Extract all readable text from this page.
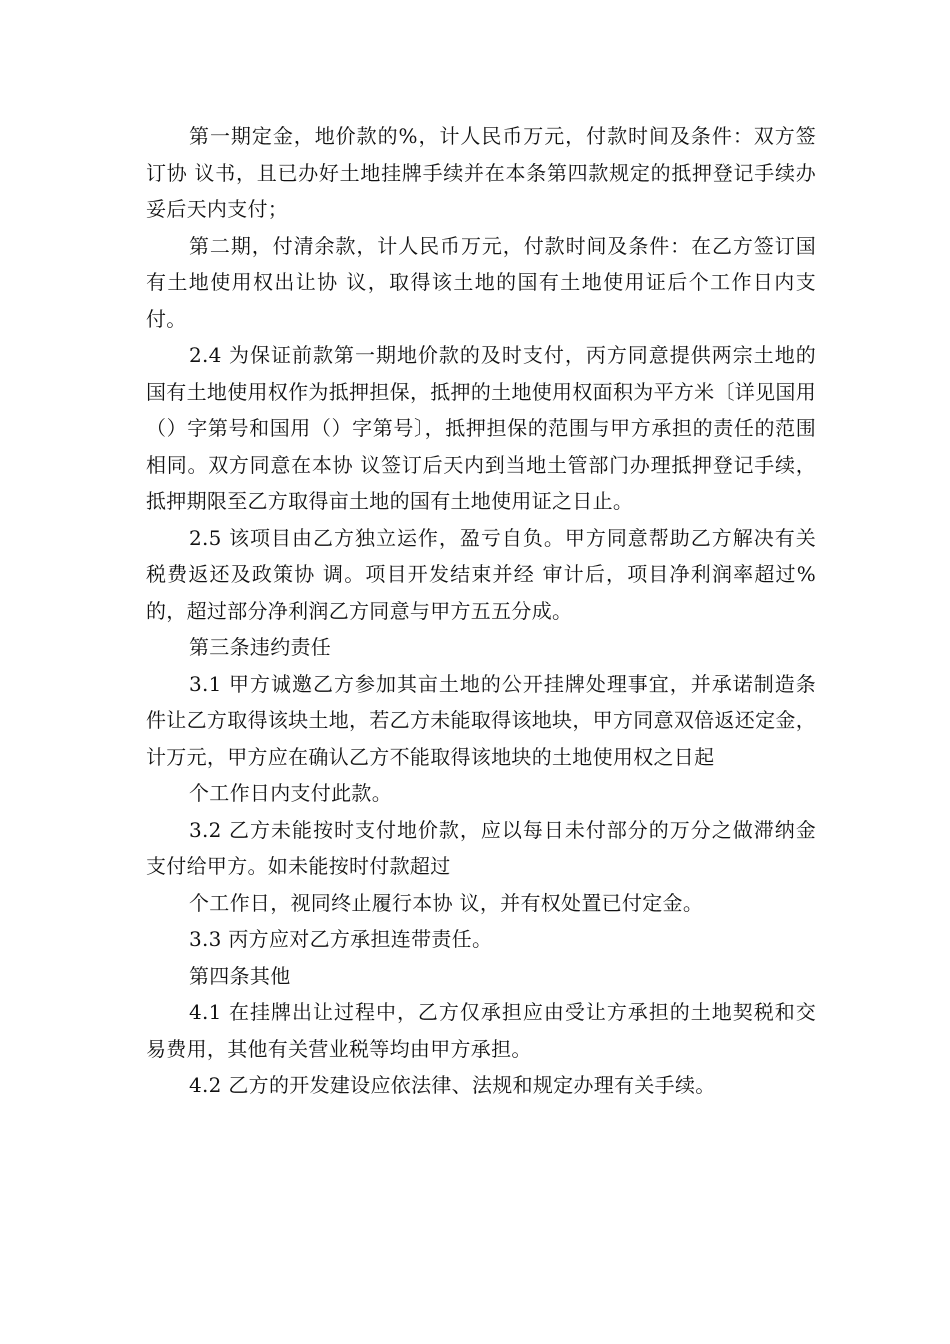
第一期定金，地价款的%，计人民币万元，付款时间及条件：双方签订协 议书，且已办好土地挂牌手续并在本条第四款规定的抵押登记手续办妥后天内支付；

第二期，付清余款，计人民币万元，付款时间及条件：在乙方签订国有土地使用权出让协 议，取得该土地的国有土地使用证后个工作日内支付。

2.4 为保证前款第一期地价款的及时支付，丙方同意提供两宗土地的国有土地使用权作为抵押担保，抵押的土地使用权面积为平方米〔详见国用（）字第号和国用（）字第号〕，抵押担保的范围与甲方承担的责任的范围相同。双方同意在本协 议签订后天内到当地土管部门办理抵押登记手续，抵押期限至乙方取得亩土地的国有土地使用证之日止。

2.5 该项目由乙方独立运作，盈亏自负。甲方同意帮助乙方解决有关税费返还及政策协 调。项目开发结束并经 审计后，项目净利润率超过%的，超过部分净利润乙方同意与甲方五五分成。

第三条违约责任

3.1 甲方诚邀乙方参加其亩土地的公开挂牌处理事宜，并承诺制造条件让乙方取得该块土地，若乙方未能取得该地块，甲方同意双倍返还定金，计万元，甲方应在确认乙方不能取得该地块的土地使用权之日起

个工作日内支付此款。

3.2 乙方未能按时支付地价款，应以每日未付部分的万分之做滞纳金支付给甲方。如未能按时付款超过

个工作日，视同终止履行本协 议，并有权处置已付定金。

3.3 丙方应对乙方承担连带责任。

第四条其他

4.1 在挂牌出让过程中，乙方仅承担应由受让方承担的土地契税和交易费用，其他有关营业税等均由甲方承担。

4.2 乙方的开发建设应依法律、法规和规定办理有关手续。
